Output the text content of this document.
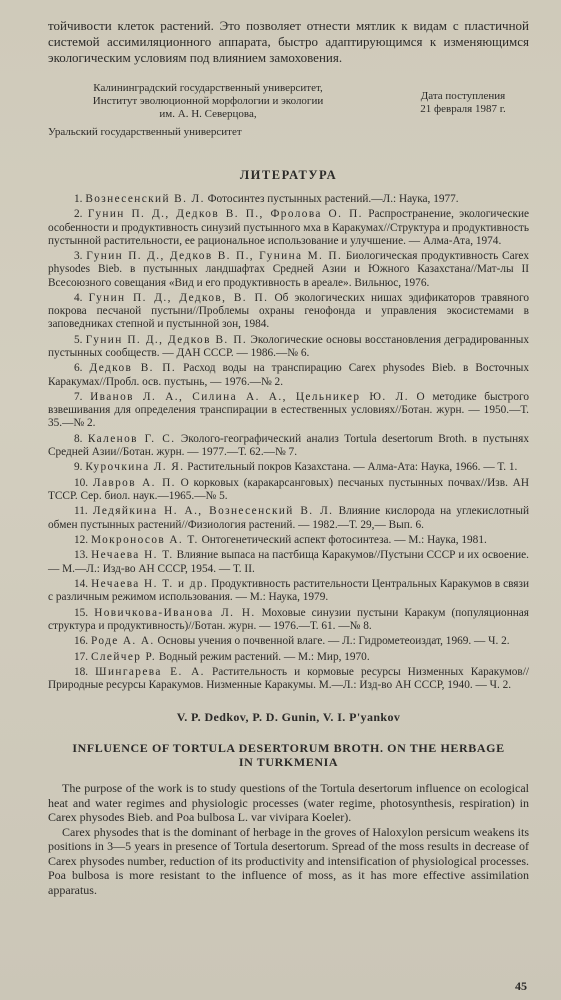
тойчивости клеток растений. Это позволяет отнести мятлик к видам с пластичной системой ассимиляционного аппарата, быстро адаптирующимся к изменяющимся экологическим условиям под влиянием замоховения.

Калининградский государственный университет,
Институт эволюционной морфологии и экологии
им. А. Н. Северцова,
Дата поступления
21 февраля 1987 г.
Уральский государственный университет
ЛИТЕРАТУРА

1. Вознесенский В. Л. Фотосинтез пустынных растений.—Л.: Наука, 1977.

2. Гунин П. Д., Дедков В. П., Фролова О. П. Распространение, экологические особенности и продуктивность синузий пустынного мха в Каракумах//Структура и продуктивность пустынной растительности, ее рациональное использование и улучшение. — Алма-Ата, 1974.

3. Гунин П. Д., Дедков В. П., Гунина М. П. Биологическая продуктивность Carex physodes Bieb. в пустынных ландшафтах Средней Азии и Южного Казахстана//Мат-лы II Всесоюзного совещания «Вид и его продуктивность в ареале». Вильнюс, 1976.

4. Гунин П. Д., Дедков, В. П. Об экологических нишах эдификаторов травяного покрова песчаной пустыни//Проблемы охраны генофонда и управления экосистемами в заповедниках степной и пустынной зон, 1984.

5. Гунин П. Д., Дедков В. П. Экологические основы восстановления деградированных пустынных сообществ. — ДАН СССР. — 1986.—№ 6.

6. Дедков В. П. Расход воды на транспирацию Carex physodes Bieb. в Восточных Каракумах//Пробл. осв. пустынь, — 1976.—№ 2.

7. Иванов Л. А., Силина А. А., Цельникер Ю. Л. О методике быстрого взвешивания для определения транспирации в естественных условиях//Ботан. журн. — 1950.—Т. 35.—№ 2.

8. Каленов Г. С. Эколого-географический анализ Tortula desertorum Broth. в пустынях Средней Азии//Ботан. журн. — 1977.—Т. 62.—№ 7.

9. Курочкина Л. Я. Растительный покров Казахстана. — Алма-Ата: Наука, 1966. — Т. 1.

10. Лавров А. П. О корковых (каракарсанговых) песчаных пустынных почвах//Изв. АН ТССР. Сер. биол. наук.—1965.—№ 5.

11. Ледяйкина Н. А., Вознесенский В. Л. Влияние кислорода на углекислотный обмен пустынных растений//Физиология растений. — 1982.—Т. 29,— Вып. 6.

12. Мокроносов А. Т. Онтогенетический аспект фотосинтеза. — М.: Наука, 1981.

13. Нечаева Н. Т. Влияние выпаса на пастбища Каракумов//Пустыни СССР и их освоение. — М.—Л.: Изд-во АН СССР, 1954. — Т. II.

14. Нечаева Н. Т. и др. Продуктивность растительности Центральных Каракумов в связи с различным режимом использования. — М.: Наука, 1979.

15. Новичкова-Иванова Л. Н. Моховые синузии пустыни Каракум (популяционная структура и продуктивность)//Ботан. журн. — 1976.—Т. 61. —№ 8.

16. Роде А. А. Основы учения о почвенной влаге. — Л.: Гидрометеоиздат, 1969. — Ч. 2.

17. Слейчер Р. Водный режим растений. — М.: Мир, 1970.

18. Шингарева Е. А. Растительность и кормовые ресурсы Низменных Каракумов//Природные ресурсы Каракумов. Низменные Каракумы. М.—Л.: Изд-во АН СССР, 1940. — Ч. 2.

V. P. Dedkov, P. D. Gunin, V. I. P'yankov
INFLUENCE OF TORTULA DESERTORUM BROTH. ON THE HERBAGE
IN TURKMENIA

The purpose of the work is to study questions of the Tortula desertorum influence on ecological heat and water regimes and physiologic processes (water regime, photosynthesis, respiration) in Carex physodes Bieb. and Poa bulbosa L. var vivipara Koeler).

Carex physodes that is the dominant of herbage in the groves of Haloxylon persicum weakens its positions in 3—5 years in presence of Tortula desertorum. Spread of the moss results in decrease of Carex physodes number, reduction of its productivity and intensification of physiological processes. Poa bulbosa is more resistant to the influence of moss, as it has more effective assimilation apparatus.

45
